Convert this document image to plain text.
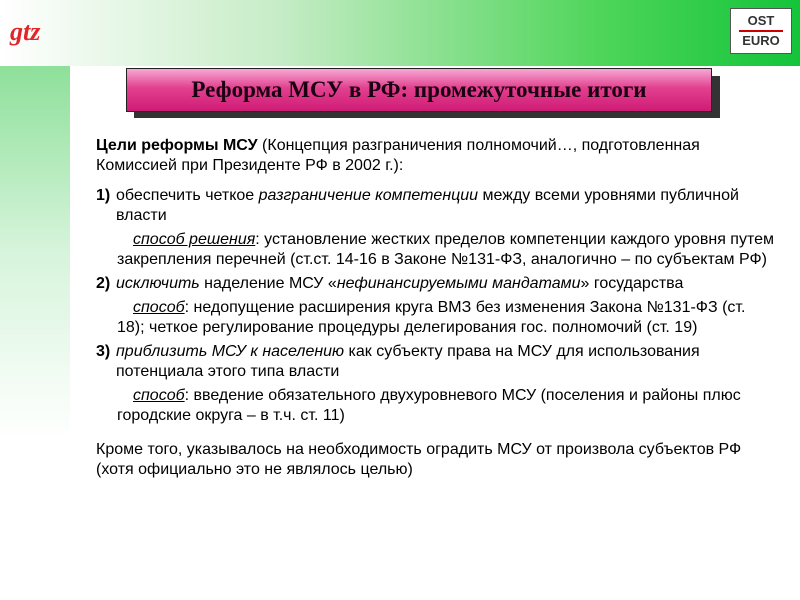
gtz	OST
EURO
Реформа МСУ в РФ: промежуточные итоги

Цели реформы МСУ (Концепция разграничения полномочий…, подготовленная Комиссией при Президенте РФ в 2002 г.):

1) обеспечить четкое разграничение компетенции между всеми уровнями публичной власти
способ решения: установление жестких пределов компетенции каждого уровня путем закрепления перечней (ст.ст. 14-16 в Законе №131-ФЗ, аналогично – по субъектам РФ)
2) исключить наделение МСУ «нефинансируемыми мандатами» государства
способ: недопущение расширения круга ВМЗ без изменения Закона №131-ФЗ (ст. 18); четкое регулирование процедуры делегирования гос. полномочий (ст. 19)
3) приблизить МСУ к населению как субъекту права на МСУ для использования потенциала этого типа власти
способ: введение обязательного двухуровневого МСУ (поселения и районы плюс городские округа – в т.ч. ст. 11)

Кроме того, указывалось на необходимость оградить МСУ от произвола субъектов РФ (хотя официально это не являлось целью)
